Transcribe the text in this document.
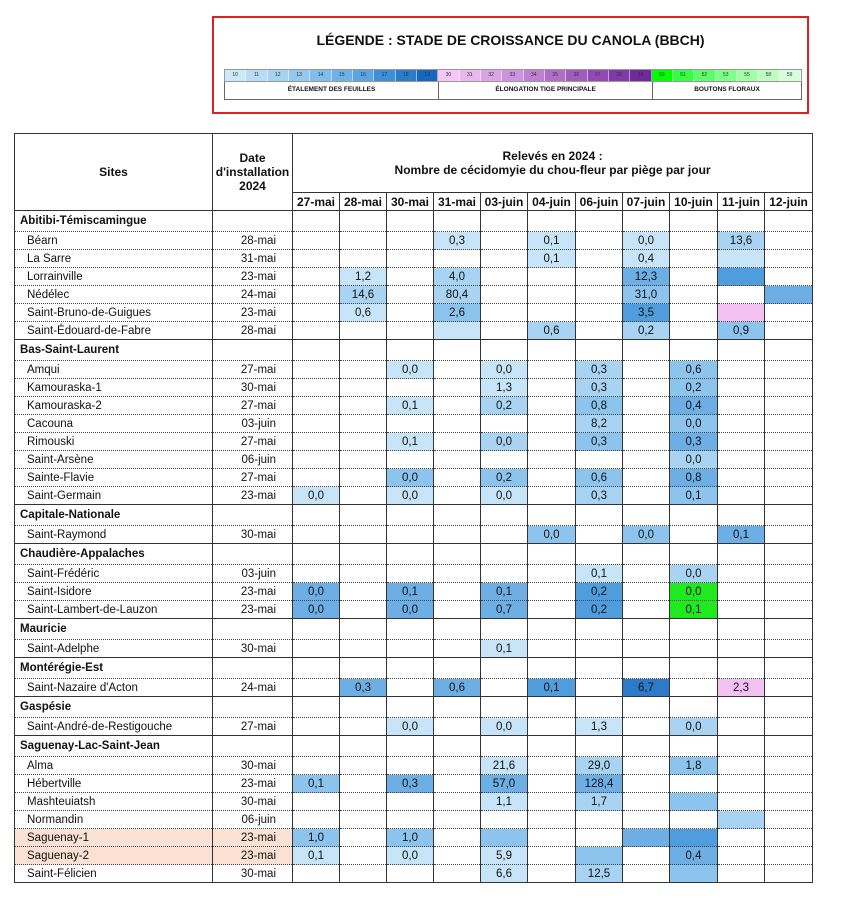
LÉGENDE : STADE DE CROISSANCE DU CANOLA (BBCH)
10	11	12	13	14	15	16	17	18	19	30	31	32	33	34	35	36	37	38	39	50	51	52	53	55	58	59
ÉTALEMENT DES FEUILLES	ÉLONGATION TIGE PRINCIPALE	BOUTONS FLORAUX
Sites	Date d'installation 2024	Relevés en 2024 :
Nombre de cécidomyie du chou-fleur par piège par jour										

		27-mai	28-mai	30-mai	31-mai	03-juin	04-juin	06-juin	07-juin	10-juin	11-juin	12-juin
Abitibi-Témiscamingue												
Béarn	28-mai				0,3		0,1		0,0		13,6	
La Sarre	31-mai						0,1		0,4			
Lorrainville	23-mai		1,2		4,0				12,3			
Nédélec	24-mai		14,6		80,4				31,0			
Saint-Bruno-de-Guigues	23-mai		0,6		2,6				3,5			
Saint-Édouard-de-Fabre	28-mai						0,6		0,2		0,9	
Bas-Saint-Laurent												
Amqui	27-mai			0,0		0,0		0,3		0,6		
Kamouraska-1	30-mai					1,3		0,3		0,2		
Kamouraska-2	27-mai			0,1		0,2		0,8		0,4		
Cacouna	03-juin							8,2		0,0		
Rimouski	27-mai			0,1		0,0		0,3		0,3		
Saint-Arsène	06-juin									0,0		
Sainte-Flavie	27-mai			0,0		0,2		0,6		0,8		
Saint-Germain	23-mai	0,0		0,0		0,0		0,3		0,1		
Capitale-Nationale												
Saint-Raymond	30-mai						0,0		0,0		0,1	
Chaudière-Appalaches												
Saint-Frédéric	03-juin							0,1		0,0		
Saint-Isidore	23-mai	0,0		0,1		0,1		0,2		0,0		
Saint-Lambert-de-Lauzon	23-mai	0,0		0,0		0,7		0,2		0,1		
Mauricie												
Saint-Adelphe	30-mai					0,1						
Montérégie-Est												
Saint-Nazaire d'Acton	24-mai		0,3		0,6		0,1		6,7		2,3	
Gaspésie												
Saint-André-de-Restigouche	27-mai			0,0		0,0		1,3		0,0		
Saguenay-Lac-Saint-Jean												
Alma	30-mai					21,6		29,0		1,8		
Hébertville	23-mai	0,1		0,3		57,0		128,4				
Mashteuiatsh	30-mai					1,1		1,7				
Normandin	06-juin											
Saguenay-1	23-mai	1,0		1,0								
Saguenay-2	23-mai	0,1		0,0		5,9				0,4		
Saint-Félicien	30-mai					6,6		12,5				
